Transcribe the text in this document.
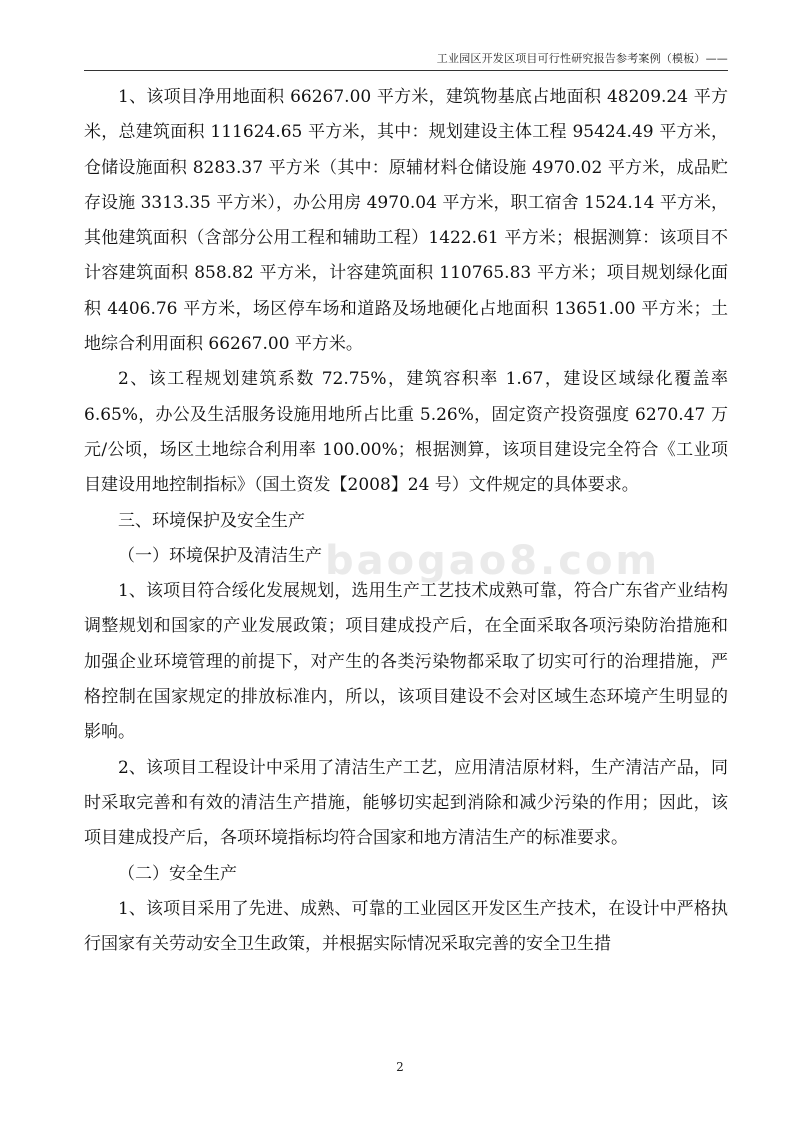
工业园区开发区项目可行性研究报告参考案例（模板）——
baogao8.com

1、该项目净用地面积 66267.00 平方米，建筑物基底占地面积 48209.24 平方米，总建筑面积 111624.65 平方米，其中：规划建设主体工程 95424.49 平方米，仓储设施面积 8283.37 平方米（其中：原辅材料仓储设施 4970.02 平方米，成品贮存设施 3313.35 平方米），办公用房 4970.04 平方米，职工宿舍 1524.14 平方米，其他建筑面积（含部分公用工程和辅助工程）1422.61 平方米；根据测算：该项目不计容建筑面积 858.82 平方米，计容建筑面积 110765.83 平方米；项目规划绿化面积 4406.76 平方米，场区停车场和道路及场地硬化占地面积 13651.00 平方米；土地综合利用面积 66267.00 平方米。

2、该工程规划建筑系数 72.75%，建筑容积率 1.67，建设区域绿化覆盖率 6.65%，办公及生活服务设施用地所占比重 5.26%，固定资产投资强度 6270.47 万元/公顷，场区土地综合利用率 100.00%；根据测算，该项目建设完全符合《工业项目建设用地控制指标》（国土资发【2008】24 号）文件规定的具体要求。

三、环境保护及安全生产

（一）环境保护及清洁生产

1、该项目符合绥化发展规划，选用生产工艺技术成熟可靠，符合广东省产业结构调整规划和国家的产业发展政策；项目建成投产后，在全面采取各项污染防治措施和加强企业环境管理的前提下，对产生的各类污染物都采取了切实可行的治理措施，严格控制在国家规定的排放标准内，所以，该项目建设不会对区域生态环境产生明显的影响。

2、该项目工程设计中采用了清洁生产工艺，应用清洁原材料，生产清洁产品，同时采取完善和有效的清洁生产措施，能够切实起到消除和减少污染的作用；因此，该项目建成投产后，各项环境指标均符合国家和地方清洁生产的标准要求。

（二）安全生产

1、该项目采用了先进、成熟、可靠的工业园区开发区生产技术，在设计中严格执行国家有关劳动安全卫生政策，并根据实际情况采取完善的安全卫生措

2
